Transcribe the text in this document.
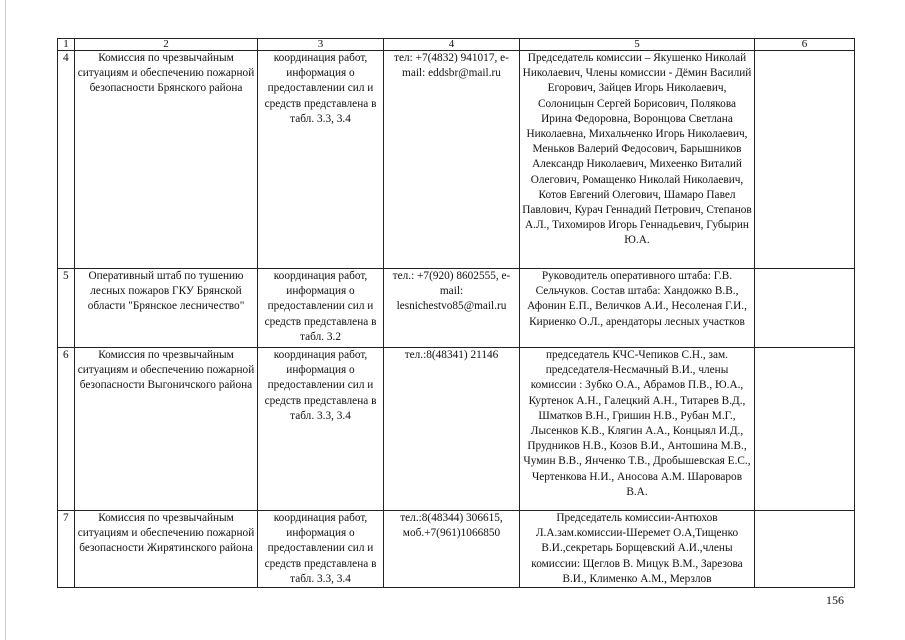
1	2	3	4	5	6
4	Комиссия по чрезвычайным ситуациям и обеспечению пожарной безопасности Брянского района	координация работ, информация о предоставлении сил и средств представлена в табл. 3.3, 3.4	тел: +7(4832) 941017, e-mail: eddsbr@mail.ru	Председатель комиссии – Якушенко Николай Николаевич, Члены комиссии - Дёмин Василий Егорович, Зайцев Игорь Николаевич, Солоницын Сергей Борисович, Полякова Ирина Федоровна, Воронцова Светлана Николаевна, Михальченко Игорь Николаевич, Меньков Валерий Федосович, Барышников Александр Николаевич, Михеенко Виталий Олегович, Ромащенко Николай Николаевич, Котов Евгений Олегович, Шамаро Павел Павлович, Курач Геннадий Петрович, Степанов А.Л., Тихомиров Игорь Геннадьевич, Губырин Ю.А.	
5	Оперативный штаб по тушению лесных пожаров ГКУ Брянской области "Брянское лесничество"	координация работ, информация о предоставлении сил и средств представлена в табл. 3.2	тел.: +7(920) 8602555, e-mail: lesnichestvo85@mail.ru	Руководитель оперативного штаба: Г.В. Сельчуков. Состав штаба: Хандожко В.В., Афонин Е.П., Величков А.И., Несоленая Г.И., Кириенко О.Л., арендаторы лесных участков	
6	Комиссия по чрезвычайным ситуациям и обеспечению пожарной безопасности Выгоничского района	координация работ, информация о предоставлении сил и средств представлена в табл. 3.3, 3.4	тел.:8(48341) 21146	председатель КЧС-Чепиков С.Н., зам. председателя-Несмачный В.И., члены комиссии : Зубко О.А., Абрамов П.В., Ю.А., Куртенок А.Н., Галецкий А.Н., Титарев В.Д., Шматков В.Н., Гришин Н.В., Рубан М.Г., Лысенков К.В., Клягин А.А., Концыял И.Д., Прудников Н.В., Козов В.И., Антошина М.В., Чумин В.В., Янченко Т.В., Дробышевская Е.С., Чертенкова Н.И., Аносова А.М. Шароваров В.А.	
7	Комиссия по чрезвычайным ситуациям и обеспечению пожарной безопасности Жирятинского района	координация работ, информация о предоставлении сил и средств представлена в табл. 3.3, 3.4	тел.:8(48344) 306615, моб.+7(961)1066850	Председатель комиссии-Антюхов Л.А.зам.комиссии-Шеремет О.А,Тищенко В.И.,секретарь Борщевский А.И.,члены комиссии: Щеглов В. Мицук В.М., Зарезова В.И., Клименко А.М., Мерзлов	
156
